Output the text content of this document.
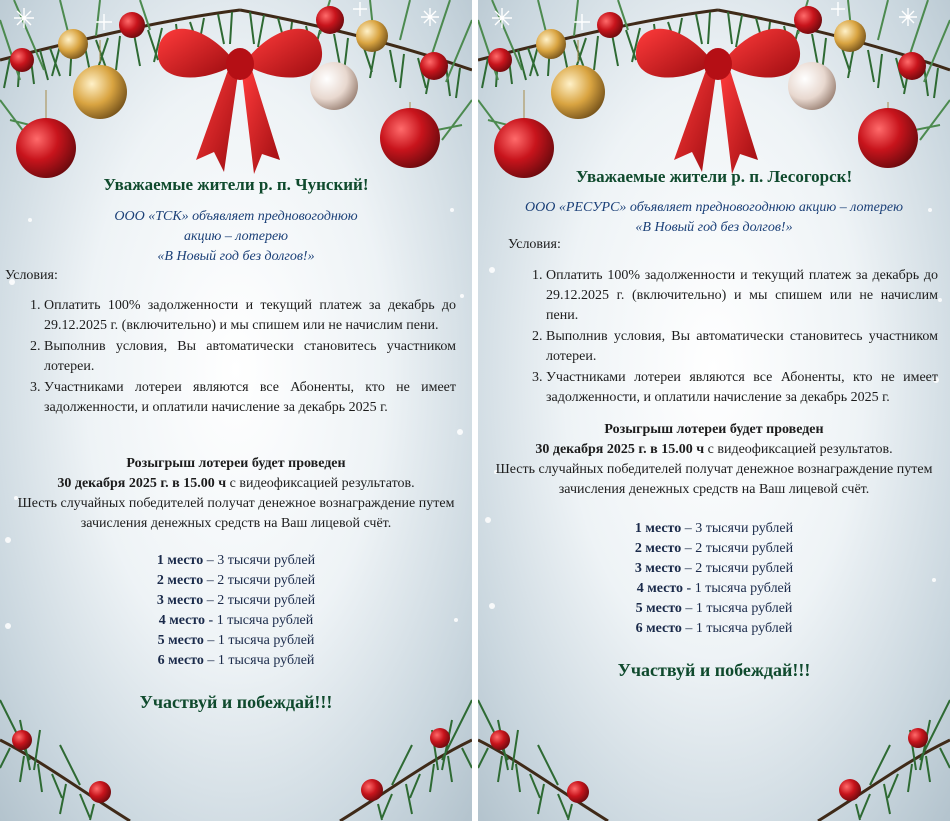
Уважаемые жители р. п. Чунский!
ООО «ТСК» объявляет предновогоднюю
акцию – лотерею
«В Новый год без долгов!»
Условия:
1. Оплатить 100% задолженности и текущий платеж за декабрь до 29.12.2025 г. (включительно) и мы спишем или не начислим пени.
2. Выполнив условия, Вы автоматически становитесь участником лотереи.
3. Участниками лотереи являются все Абоненты, кто не имеет задолженности, и оплатили начисление за декабрь 2025 г.
Розыгрыш лотереи будет проведен
30 декабря 2025 г. в 15.00 ч с видеофиксацией результатов.
Шесть случайных победителей получат денежное вознаграждение путем зачисления денежных средств на Ваш лицевой счёт.
1 место – 3 тысячи рублей
2 место – 2 тысячи рублей
3 место – 2 тысячи рублей
4 место - 1 тысяча рублей
5 место – 1 тысяча рублей
6 место – 1 тысяча рублей
Участвуй и побеждай!!!
Уважаемые жители р. п. Лесогорск!
ООО «РЕСУРС» объявляет предновогоднюю акцию – лотерею
«В Новый год без долгов!»
Условия:
1. Оплатить 100% задолженности и текущий платеж за декабрь до 29.12.2025 г. (включительно) и мы спишем или не начислим пени.
2. Выполнив условия, Вы автоматически становитесь участником лотереи.
3. Участниками лотереи являются все Абоненты, кто не имеет задолженности, и оплатили начисление за декабрь 2025 г.
Розыгрыш лотереи будет проведен
30 декабря 2025 г. в 15.00 ч с видеофиксацией результатов.
Шесть случайных победителей получат денежное вознаграждение путем зачисления денежных средств на Ваш лицевой счёт.
1 место – 3 тысячи рублей
2 место – 2 тысячи рублей
3 место – 2 тысячи рублей
4 место - 1 тысяча рублей
5 место – 1 тысяча рублей
6 место – 1 тысяча рублей
Участвуй и побеждай!!!
